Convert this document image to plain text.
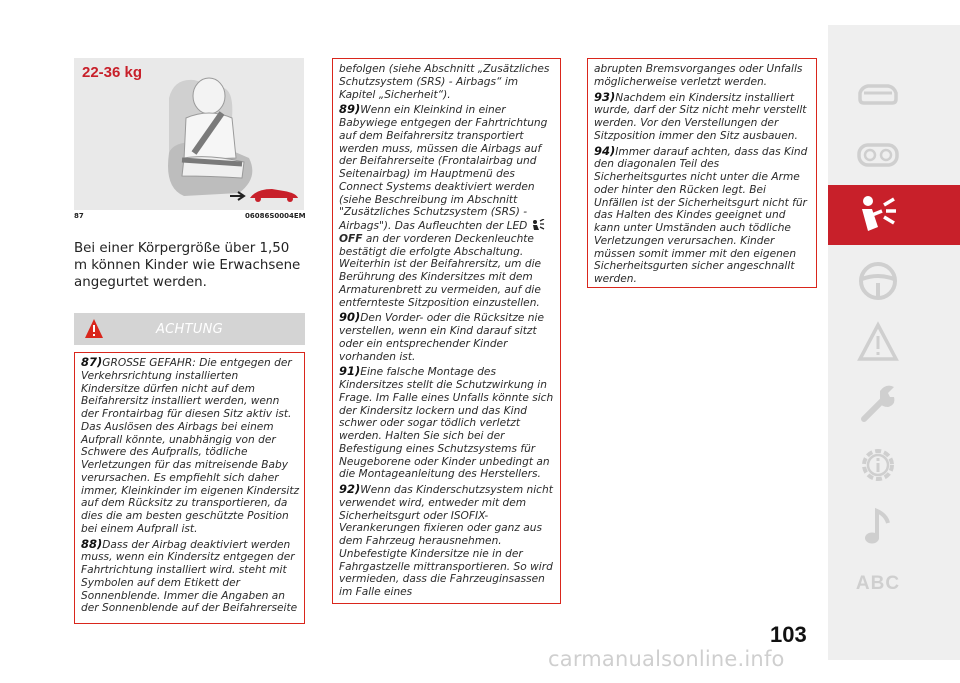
22-36 kg
87	06086S0004EM
Bei einer Körpergröße über 1,50 m können Kinder wie Erwachsene angegurtet werden.
ACHTUNG

87)GROSSE GEFAHR: Die entgegen der Verkehrsrichtung installierten Kindersitze dürfen nicht auf dem Beifahrersitz installiert werden, wenn der Frontairbag für diesen Sitz aktiv ist. Das Auslösen des Airbags bei einem Aufprall könnte, unabhängig von der Schwere des Aufpralls, tödliche Verletzungen für das mitreisende Baby verursachen. Es empfiehlt sich daher immer, Kleinkinder im eigenen Kindersitz auf dem Rücksitz zu transportieren, da dies die am besten geschützte Position bei einem Aufprall ist.

88)Dass der Airbag deaktiviert werden muss, wenn ein Kindersitz entgegen der Fahrtrichtung installiert wird. steht mit Symbolen auf dem Etikett der Sonnenblende. Immer die Angaben an der Sonnenblende auf der Beifahrerseite

befolgen (siehe Abschnitt „Zusätzliches Schutzsystem (SRS) - Airbags“ im Kapitel „Sicherheit“).

89)Wenn ein Kleinkind in einer Babywiege entgegen der Fahrtrichtung auf dem Beifahrersitz transportiert werden muss, müssen die Airbags auf der Beifahrerseite (Frontalairbag und Seitenairbag) im Hauptmenü des Connect Systems deaktiviert werden (siehe Beschreibung im Abschnitt "Zusätzliches Schutzsystem (SRS) - Airbags"). Das Aufleuchten der LED OFF an der vorderen Deckenleuchte bestätigt die erfolgte Abschaltung. Weiterhin ist der Beifahrersitz, um die Berührung des Kindersitzes mit dem Armaturenbrett zu vermeiden, auf die entfernteste Sitzposition einzustellen.

90)Den Vorder- oder die Rücksitze nie verstellen, wenn ein Kind darauf sitzt oder ein entsprechender Kinder vorhanden ist.

91)Eine falsche Montage des Kindersitzes stellt die Schutzwirkung in Frage. Im Falle eines Unfalls könnte sich der Kindersitz lockern und das Kind schwer oder sogar tödlich verletzt werden. Halten Sie sich bei der Befestigung eines Schutzsystems für Neugeborene oder Kinder unbedingt an die Montageanleitung des Herstellers.

92)Wenn das Kinderschutzsystem nicht verwendet wird, entweder mit dem Sicherheitsgurt oder ISOFIX-Verankerungen fixieren oder ganz aus dem Fahrzeug herausnehmen. Unbefestigte Kindersitze nie in der Fahrgastzelle mittransportieren. So wird vermieden, dass die Fahrzeuginsassen im Falle eines

abrupten Bremsvorganges oder Unfalls möglicherweise verletzt werden.

93)Nachdem ein Kindersitz installiert wurde, darf der Sitz nicht mehr verstellt werden. Vor den Verstellungen der Sitzposition immer den Sitz ausbauen.

94)Immer darauf achten, dass das Kind den diagonalen Teil des Sicherheitsgurtes nicht unter die Arme oder hinter den Rücken legt. Bei Unfällen ist der Sicherheitsgurt nicht für das Halten des Kindes geeignet und kann unter Umständen auch tödliche Verletzungen verursachen. Kinder müssen somit immer mit den eigenen Sicherheitsgurten sicher angeschnallt werden.

ABC
103
carmanualsonline.info
